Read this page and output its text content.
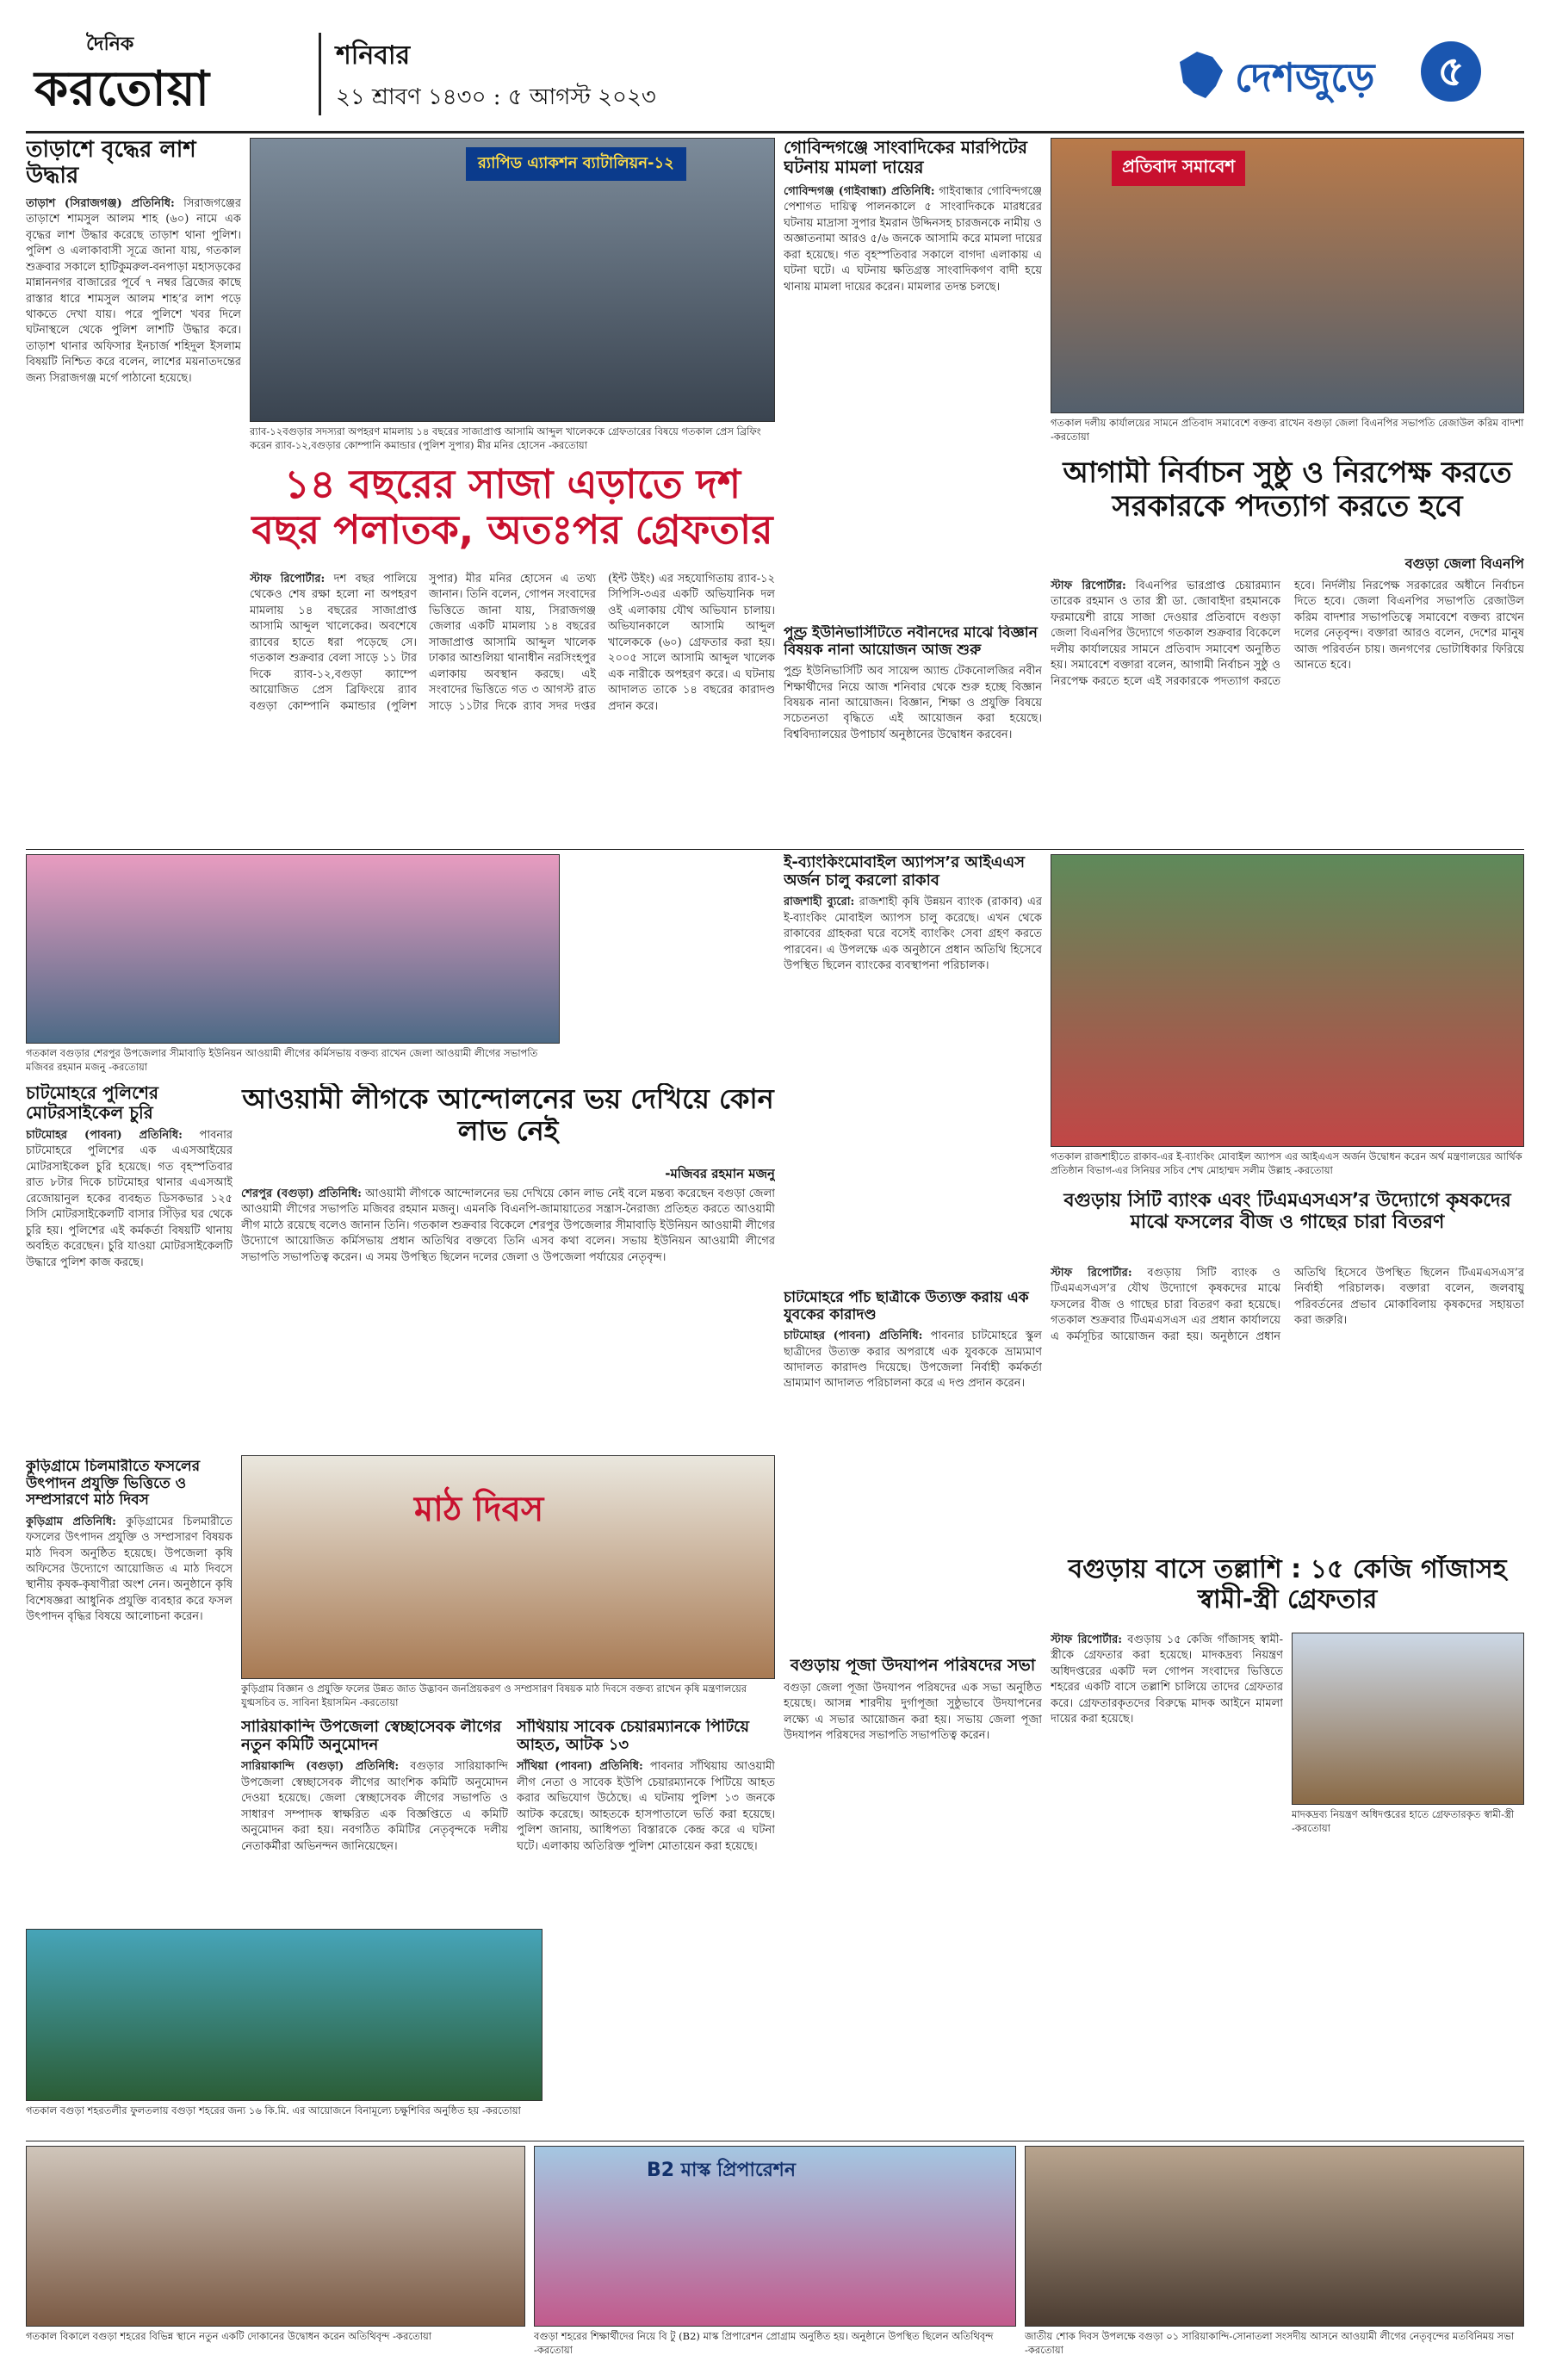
দৈনিক
করতোয়া
শনিবার
২১ শ্রাবণ ১৪৩০ : ৫ আগস্ট ২০২৩	দেশজুড়ে	৫
তাড়াশে বৃদ্ধের লাশ উদ্ধার
তাড়াশ (সিরাজগঞ্জ) প্রতিনিধি: সিরাজগঞ্জের তাড়াশে শামসুল আলম শাহ (৬০) নামে এক বৃদ্ধের লাশ উদ্ধার করেছে তাড়াশ থানা পুলিশ। পুলিশ ও এলাকাবাসী সূত্রে জানা যায়, গতকাল শুক্রবার সকালে হাটিকুমরুল-বনপাড়া মহাসড়কের মান্নাননগর বাজারের পূর্বে ৭ নম্বর ব্রিজের কাছে রাস্তার ধারে শামসুল আলম শাহ’র লাশ পড়ে থাকতে দেখা যায়। পরে পুলিশে খবর দিলে ঘটনাস্থলে থেকে পুলিশ লাশটি উদ্ধার করে। তাড়াশ থানার অফিসার ইনচার্জ শহিদুল ইসলাম বিষয়টি নিশ্চিত করে বলেন, লাশের ময়নাতদন্তের জন্য সিরাজগঞ্জ মর্গে পাঠানো হয়েছে।
র‍্যাপিড এ্যাকশন ব্যাটালিয়ন-১২
র‍্যাব-১২বগুড়ার সদস্যরা অপহরণ মামলায় ১৪ বছরের সাজাপ্রাপ্ত আসামি আব্দুল খালেককে গ্রেফতারের বিষয়ে গতকাল প্রেস ব্রিফিং করেন র‍্যাব-১২,বগুড়ার কোম্পানি কমান্ডার (পুলিশ সুপার) মীর মনির হোসেন -করতোয়া
১৪ বছরের সাজা এড়াতে দশ বছর পলাতক, অতঃপর গ্রেফতার
স্টাফ রিপোর্টার: দশ বছর পালিয়ে থেকেও শেষ রক্ষা হলো না অপহরণ মামলায় ১৪ বছরের সাজাপ্রাপ্ত আসামি আব্দুল খালেকের। অবশেষে র‍্যাবের হাতে ধরা পড়েছে সে। গতকাল শুক্রবার বেলা সাড়ে ১১ টার দিকে র‍্যাব-১২,বগুড়া ক্যাম্পে আয়োজিত প্রেস ব্রিফিংয়ে র‍্যাব বগুড়া কোম্পানি কমান্ডার (পুলিশ সুপার) মীর মনির হোসেন এ তথ্য জানান। তিনি বলেন, গোপন সংবাদের ভিত্তিতে জানা যায়, সিরাজগঞ্জ জেলার একটি মামলায় ১৪ বছরের সাজাপ্রাপ্ত আসামি আব্দুল খালেক ঢাকার আশুলিয়া থানাধীন নরসিংহপুর এলাকায় অবস্থান করছে। এই সংবাদের ভিত্তিতে গত ৩ আগস্ট রাত সাড়ে ১১টার দিকে র‍্যাব সদর দপ্তর (ইন্ট উইং) এর সহযোগিতায় র‍্যাব-১২ সিপিসি-৩এর একটি অভিযানিক দল ওই এলাকায় যৌথ অভিযান চালায়। অভিযানকালে আসামি আব্দুল খালেককে (৬০) গ্রেফতার করা হয়। ২০০৫ সালে আসামি আব্দুল খালেক এক নারীকে অপহরণ করে। এ ঘটনায় আদালত তাকে ১৪ বছরের কারাদণ্ড প্রদান করে।
গোবিন্দগঞ্জে সাংবাদিকের মারপিটের ঘটনায় মামলা দায়ের
গোবিন্দগঞ্জ (গাইবান্ধা) প্রতিনিধি: গাইবান্ধার গোবিন্দগঞ্জে পেশাগত দায়িত্ব পালনকালে ৫ সাংবাদিককে মারধরের ঘটনায় মাদ্রাসা সুপার ইমরান উদ্দিনসহ চারজনকে নামীয় ও অজ্ঞাতনামা আরও ৫/৬ জনকে আসামি করে মামলা দায়ের করা হয়েছে। গত বৃহস্পতিবার সকালে বাগদা এলাকায় এ ঘটনা ঘটে। এ ঘটনায় ক্ষতিগ্রস্ত সাংবাদিকগণ বাদী হয়ে থানায় মামলা দায়ের করেন। মামলার তদন্ত চলছে।
প্রতিবাদ সমাবেশ
গতকাল দলীয় কার্যালয়ের সামনে প্রতিবাদ সমাবেশে বক্তব্য রাখেন বগুড়া জেলা বিএনপির সভাপতি রেজাউল করিম বাদশা -করতোয়া
আগামী নির্বাচন সুষ্ঠু ও নিরপেক্ষ করতে সরকারকে পদত্যাগ করতে হবে
বগুড়া জেলা বিএনপি
স্টাফ রিপোর্টার: বিএনপির ভারপ্রাপ্ত চেয়ারম্যান তারেক রহমান ও তার স্ত্রী ডা. জোবাইদা রহমানকে ফরমায়েশী রায়ে সাজা দেওয়ার প্রতিবাদে বগুড়া জেলা বিএনপির উদ্যোগে গতকাল শুক্রবার বিকেলে দলীয় কার্যালয়ের সামনে প্রতিবাদ সমাবেশ অনুষ্ঠিত হয়। সমাবেশে বক্তারা বলেন, আগামী নির্বাচন সুষ্ঠু ও নিরপেক্ষ করতে হলে এই সরকারকে পদত্যাগ করতে হবে। নির্দলীয় নিরপেক্ষ সরকারের অধীনে নির্বাচন দিতে হবে। জেলা বিএনপির সভাপতি রেজাউল করিম বাদশার সভাপতিত্বে সমাবেশে বক্তব্য রাখেন দলের নেতৃবৃন্দ। বক্তারা আরও বলেন, দেশের মানুষ আজ পরিবর্তন চায়। জনগণের ভোটাধিকার ফিরিয়ে আনতে হবে।
পুণ্ড্র ইউনিভার্সিটিতে নবীনদের মাঝে বিজ্ঞান বিষয়ক নানা আয়োজন আজ শুরু
পুণ্ড্র ইউনিভার্সিটি অব সায়েন্স অ্যান্ড টেকনোলজির নবীন শিক্ষার্থীদের নিয়ে আজ শনিবার থেকে শুরু হচ্ছে বিজ্ঞান বিষয়ক নানা আয়োজন। বিজ্ঞান, শিক্ষা ও প্রযুক্তি বিষয়ে সচেতনতা বৃদ্ধিতে এই আয়োজন করা হয়েছে। বিশ্ববিদ্যালয়ের উপাচার্য অনুষ্ঠানের উদ্বোধন করবেন।
গতকাল বগুড়ার শেরপুর উপজেলার সীমাবাড়ি ইউনিয়ন আওয়ামী লীগের কর্মিসভায় বক্তব্য রাখেন জেলা আওয়ামী লীগের সভাপতি মজিবর রহমান মজনু -করতোয়া
ই-ব্যাংকিংমোবাইল অ্যাপস’র আইএএস অর্জন চালু করলো রাকাব
রাজশাহী ব্যুরো: রাজশাহী কৃষি উন্নয়ন ব্যাংক (রাকাব) এর ই-ব্যাংকিং মোবাইল অ্যাপস চালু করেছে। এখন থেকে রাকাবের গ্রাহকরা ঘরে বসেই ব্যাংকিং সেবা গ্রহণ করতে পারবেন। এ উপলক্ষে এক অনুষ্ঠানে প্রধান অতিথি হিসেবে উপস্থিত ছিলেন ব্যাংকের ব্যবস্থাপনা পরিচালক।
গতকাল রাজশাহীতে রাকাব-এর ই-ব্যাংকিং মোবাইল অ্যাপস এর আইএএস অর্জন উদ্বোধন করেন অর্থ মন্ত্রণালয়ের আর্থিক প্রতিষ্ঠান বিভাগ-এর সিনিয়র সচিব শেখ মোহাম্মদ সলীম উল্লাহ -করতোয়া
চাটমোহরে পুলিশের মোটরসাইকেল চুরি
চাটমোহর (পাবনা) প্রতিনিধি: পাবনার চাটমোহরে পুলিশের এক এএসআইয়ের মোটরসাইকেল চুরি হয়েছে। গত বৃহস্পতিবার রাত ৮টার দিকে চাটমোহর থানার এএসআই রেজোয়ানুল হকের ব্যবহৃত ডিসকভার ১২৫ সিসি মোটরসাইকেলটি বাসার সিঁড়ির ঘর থেকে চুরি হয়। পুলিশের এই কর্মকর্তা বিষয়টি থানায় অবহিত করেছেন। চুরি যাওয়া মোটরসাইকেলটি উদ্ধারে পুলিশ কাজ করছে।
আওয়ামী লীগকে আন্দোলনের ভয় দেখিয়ে কোন লাভ নেই
-মজিবর রহমান মজনু
শেরপুর (বগুড়া) প্রতিনিধি: আওয়ামী লীগকে আন্দোলনের ভয় দেখিয়ে কোন লাভ নেই বলে মন্তব্য করেছেন বগুড়া জেলা আওয়ামী লীগের সভাপতি মজিবর রহমান মজনু। এমনকি বিএনপি-জামায়াতের সন্ত্রাস-নৈরাজ্য প্রতিহত করতে আওয়ামী লীগ মাঠে রয়েছে বলেও জানান তিনি। গতকাল শুক্রবার বিকেলে শেরপুর উপজেলার সীমাবাড়ি ইউনিয়ন আওয়ামী লীগের উদ্যোগে আয়োজিত কর্মিসভায় প্রধান অতিথির বক্তব্যে তিনি এসব কথা বলেন। সভায় ইউনিয়ন আওয়ামী লীগের সভাপতি সভাপতিত্ব করেন। এ সময় উপস্থিত ছিলেন দলের জেলা ও উপজেলা পর্যায়ের নেতৃবৃন্দ।
চাটমোহরে পাঁচ ছাত্রীকে উত্যক্ত করায় এক যুবকের কারাদণ্ড
চাটমোহর (পাবনা) প্রতিনিধি: পাবনার চাটমোহরে স্কুল ছাত্রীদের উত্যক্ত করার অপরাধে এক যুবককে ভ্রাম্যমাণ আদালত কারাদণ্ড দিয়েছে। উপজেলা নির্বাহী কর্মকর্তা ভ্রাম্যমাণ আদালত পরিচালনা করে এ দণ্ড প্রদান করেন।
বগুড়ায় সিটি ব্যাংক এবং টিএমএসএস’র উদ্যোগে কৃষকদের মাঝে ফসলের বীজ ও গাছের চারা বিতরণ
স্টাফ রিপোর্টার: বগুড়ায় সিটি ব্যাংক ও টিএমএসএস’র যৌথ উদ্যোগে কৃষকদের মাঝে ফসলের বীজ ও গাছের চারা বিতরণ করা হয়েছে। গতকাল শুক্রবার টিএমএসএস এর প্রধান কার্যালয়ে এ কর্মসূচির আয়োজন করা হয়। অনুষ্ঠানে প্রধান অতিথি হিসেবে উপস্থিত ছিলেন টিএমএসএস’র নির্বাহী পরিচালক। বক্তারা বলেন, জলবায়ু পরিবর্তনের প্রভাব মোকাবিলায় কৃষকদের সহায়তা করা জরুরি।
কুড়িগ্রামে চিলমারীতে ফসলের উৎপাদন প্রযুক্তি ভিত্তিতে ও সম্প্রসারণে মাঠ দিবস
কুড়িগ্রাম প্রতিনিধি: কুড়িগ্রামের চিলমারীতে ফসলের উৎপাদন প্রযুক্তি ও সম্প্রসারণ বিষয়ক মাঠ দিবস অনুষ্ঠিত হয়েছে। উপজেলা কৃষি অফিসের উদ্যোগে আয়োজিত এ মাঠ দিবসে স্থানীয় কৃষক-কৃষাণীরা অংশ নেন। অনুষ্ঠানে কৃষি বিশেষজ্ঞরা আধুনিক প্রযুক্তি ব্যবহার করে ফসল উৎপাদন বৃদ্ধির বিষয়ে আলোচনা করেন।
মাঠ দিবস
কুড়িগ্রাম বিজ্ঞান ও প্রযুক্তি ফলের উন্নত জাত উদ্ভাবন জনপ্রিয়করণ ও সম্প্রসারণ বিষয়ক মাঠ দিবসে বক্তব্য রাখেন কৃষি মন্ত্রণালয়ের যুগ্মসচিব ড. সাবিনা ইয়াসমিন -করতোয়া
বগুড়ায় পূজা উদযাপন পরিষদের সভা
বগুড়া জেলা পূজা উদযাপন পরিষদের এক সভা অনুষ্ঠিত হয়েছে। আসন্ন শারদীয় দুর্গাপূজা সুষ্ঠুভাবে উদযাপনের লক্ষ্যে এ সভার আয়োজন করা হয়। সভায় জেলা পূজা উদযাপন পরিষদের সভাপতি সভাপতিত্ব করেন।
বগুড়ায় বাসে তল্লাশি : ১৫ কেজি গাঁজাসহ স্বামী-স্ত্রী গ্রেফতার
স্টাফ রিপোর্টার: বগুড়ায় ১৫ কেজি গাঁজাসহ স্বামী-স্ত্রীকে গ্রেফতার করা হয়েছে। মাদকদ্রব্য নিয়ন্ত্রণ অধিদপ্তরের একটি দল গোপন সংবাদের ভিত্তিতে শহরের একটি বাসে তল্লাশি চালিয়ে তাদের গ্রেফতার করে। গ্রেফতারকৃতদের বিরুদ্ধে মাদক আইনে মামলা দায়ের করা হয়েছে।
মাদকদ্রব্য নিয়ন্ত্রণ অধিদপ্তরের হাতে গ্রেফতারকৃত স্বামী-স্ত্রী -করতোয়া
সারিয়াকান্দি উপজেলা স্বেচ্ছাসেবক লীগের নতুন কমিটি অনুমোদন
সারিয়াকান্দি (বগুড়া) প্রতিনিধি: বগুড়ার সারিয়াকান্দি উপজেলা স্বেচ্ছাসেবক লীগের আংশিক কমিটি অনুমোদন দেওয়া হয়েছে। জেলা স্বেচ্ছাসেবক লীগের সভাপতি ও সাধারণ সম্পাদক স্বাক্ষরিত এক বিজ্ঞপ্তিতে এ কমিটি অনুমোদন করা হয়। নবগঠিত কমিটির নেতৃবৃন্দকে দলীয় নেতাকর্মীরা অভিনন্দন জানিয়েছেন।
সাঁথিয়ায় সাবেক চেয়ারম্যানকে পিটিয়ে আহত, আটক ১৩
সাঁথিয়া (পাবনা) প্রতিনিধি: পাবনার সাঁথিয়ায় আওয়ামী লীগ নেতা ও সাবেক ইউপি চেয়ারম্যানকে পিটিয়ে আহত করার অভিযোগ উঠেছে। এ ঘটনায় পুলিশ ১৩ জনকে আটক করেছে। আহতকে হাসপাতালে ভর্তি করা হয়েছে। পুলিশ জানায়, আধিপত্য বিস্তারকে কেন্দ্র করে এ ঘটনা ঘটে। এলাকায় অতিরিক্ত পুলিশ মোতায়েন করা হয়েছে।
গতকাল বগুড়া শহরতলীর ফুলতলায় বগুড়া শহরের জন্য ১৬ কি.মি. এর আয়োজনে বিনামূল্যে চক্ষুশিবির অনুষ্ঠিত হয় -করতোয়া
গতকাল বিকালে বগুড়া শহরের বিভিন্ন স্থানে নতুন একটি দোকানের উদ্বোধন করেন অতিথিবৃন্দ -করতোয়া
B2 মাস্ক প্রিপারেশন
বগুড়া শহরের শিক্ষার্থীদের নিয়ে বি টু (B2) মাস্ক প্রিপারেশন প্রোগ্রাম অনুষ্ঠিত হয়। অনুষ্ঠানে উপস্থিত ছিলেন অতিথিবৃন্দ -করতোয়া
জাতীয় শোক দিবস উপলক্ষে বগুড়া ০১ সারিয়াকান্দি-সোনাতলা সংসদীয় আসনে আওয়ামী লীগের নেতৃবৃন্দের মতবিনিময় সভা -করতোয়া
